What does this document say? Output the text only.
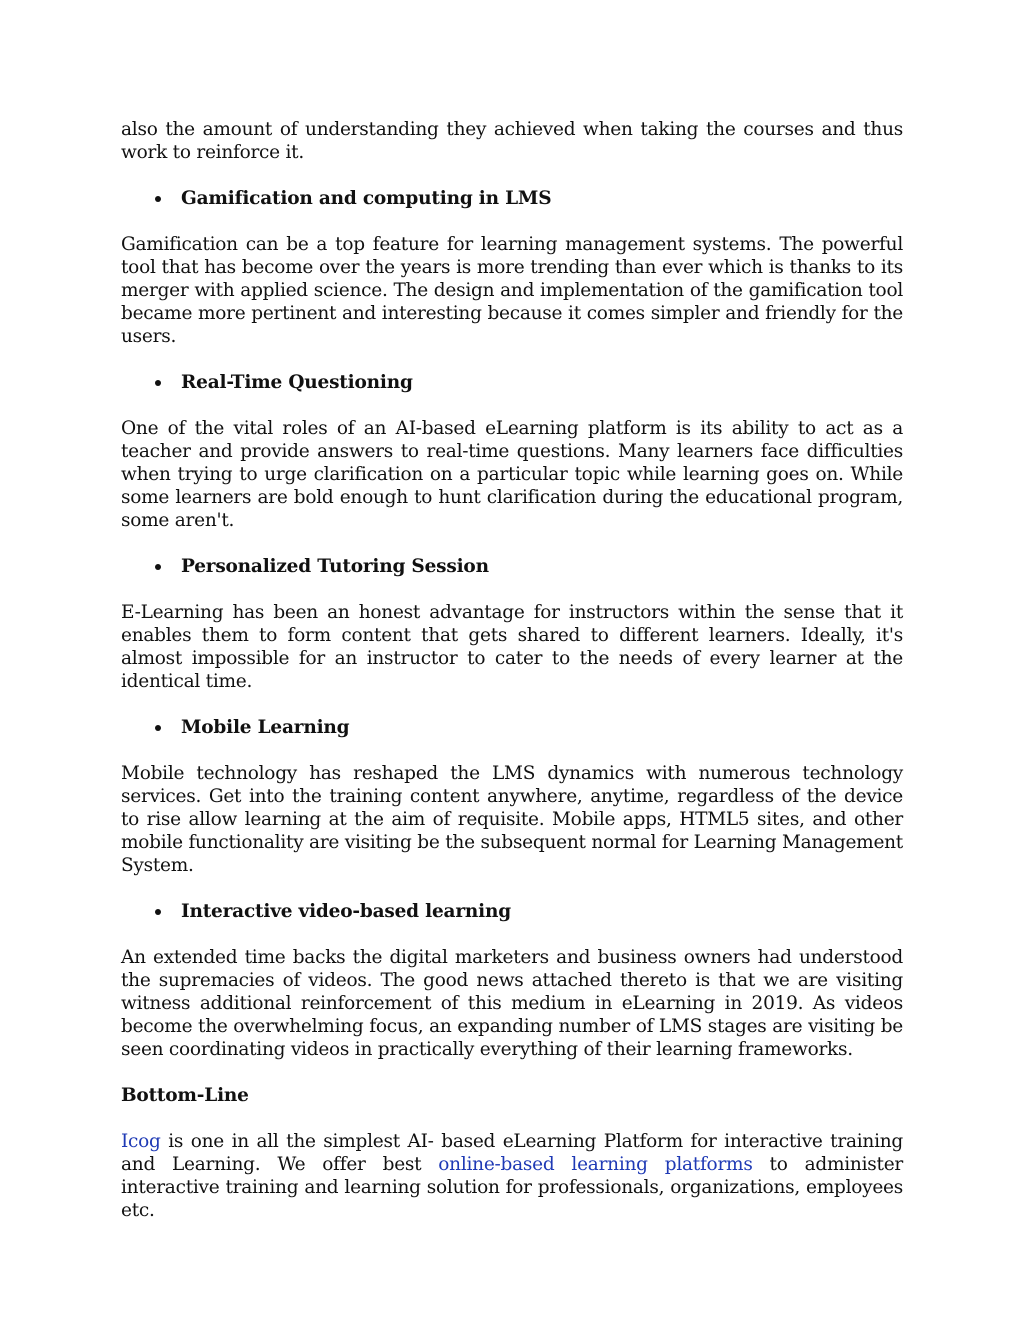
also the amount of understanding they achieved when taking the courses and thus work to reinforce it.

Gamification and computing in LMS

Gamification can be a top feature for learning management systems. The powerful tool that has become over the years is more trending than ever which is thanks to its merger with applied science. The design and implementation of the gamification tool became more pertinent and interesting because it comes simpler and friendly for the users.

Real-Time Questioning

One of the vital roles of an AI-based eLearning platform is its ability to act as a teacher and provide answers to real-time questions. Many learners face difficulties when trying to urge clarification on a particular topic while learning goes on. While some learners are bold enough to hunt clarification during the educational program, some aren't.

Personalized Tutoring Session

E-Learning has been an honest advantage for instructors within the sense that it enables them to form content that gets shared to different learners. Ideally, it's almost impossible for an instructor to cater to the needs of every learner at the identical time.

Mobile Learning

Mobile technology has reshaped the LMS dynamics with numerous technology services. Get into the training content anywhere, anytime, regardless of the device to rise allow learning at the aim of requisite. Mobile apps, HTML5 sites, and other mobile functionality are visiting be the subsequent normal for Learning Management System.

Interactive video-based learning

An extended time backs the digital marketers and business owners had understood the supremacies of videos. The good news attached thereto is that we are visiting witness additional reinforcement of this medium in eLearning in 2019. As videos become the overwhelming focus, an expanding number of LMS stages are visiting be seen coordinating videos in practically everything of their learning frameworks.

Bottom-Line

Icog is one in all the simplest AI- based eLearning Platform for interactive training and Learning. We offer best online-based learning platforms to administer interactive training and learning solution for professionals, organizations, employees etc.
